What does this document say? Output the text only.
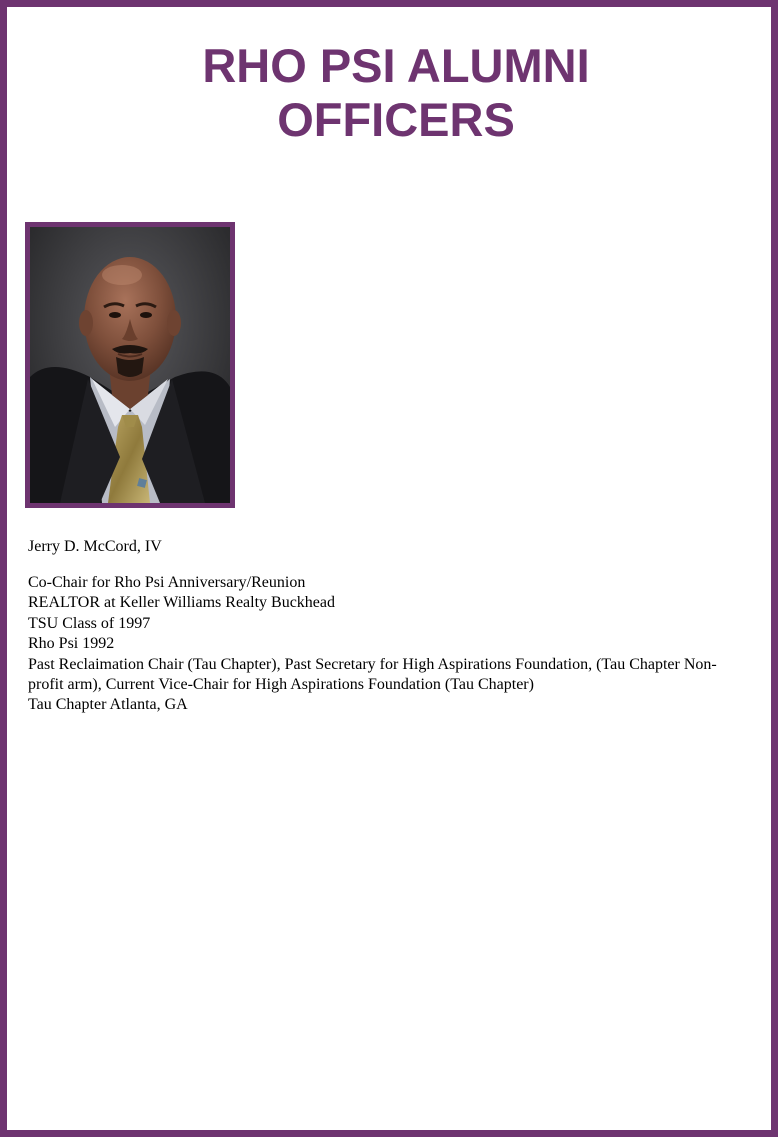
RHO PSI ALUMNI
OFFICERS

Jerry D. McCord, IV

Co-Chair for Rho Psi Anniversary/Reunion
REALTOR at Keller Williams Realty Buckhead
TSU Class of 1997
Rho Psi 1992
Past Reclaimation Chair (Tau Chapter), Past Secretary for High Aspirations Foundation, (Tau Chapter Non-profit arm), Current Vice-Chair for High Aspirations Foundation (Tau Chapter)
Tau Chapter Atlanta, GA
